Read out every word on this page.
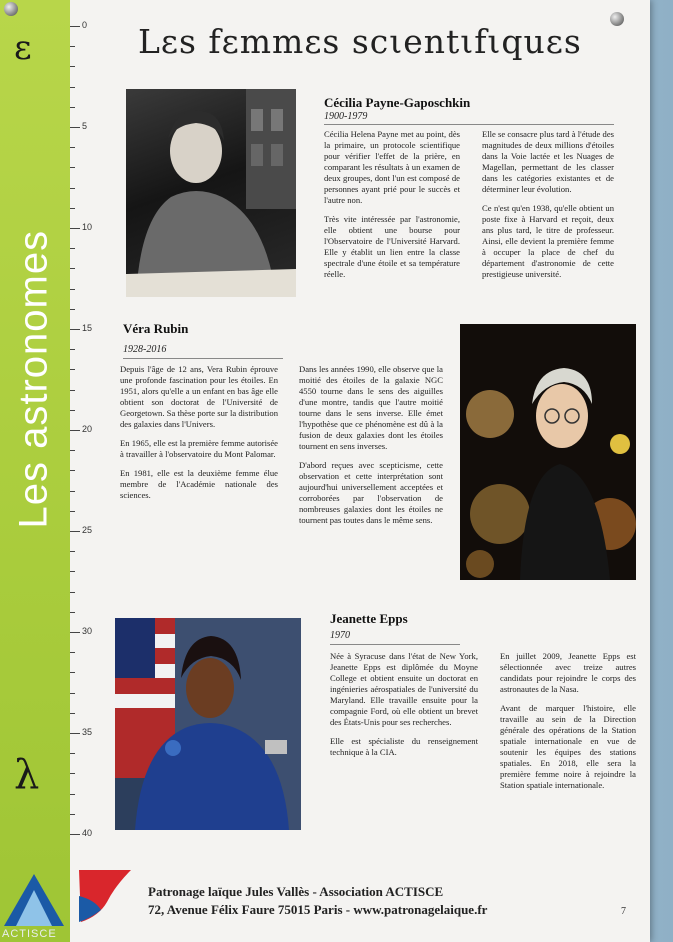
ε
Les astronomes
λ
0
5
10
15
20
25
30
35
40
Lεs fεmmεs scιentιfιquεs
Cécilia Payne-Gaposchkin
1900-1979

Cécilia Helena Payne met au point, dès la primaire, un protocole scientifique pour vérifier l'effet de la prière, en comparant les résultats à un examen de deux groupes, dont l'un est composé de personnes ayant prié pour le succès et l'autre non.

Très vite intéressée par l'astronomie, elle obtient une bourse pour l'Observatoire de l'Université Harvard. Elle y établit un lien entre la classe spectrale d'une étoile et sa température réelle.

Elle se consacre plus tard à l'étude des magnitudes de deux millions d'étoiles dans la Voie lactée et les Nuages de Magellan, permettant de les classer dans les catégories existantes et de déterminer leur évolution.

Ce n'est qu'en 1938, qu'elle obtient un poste fixe à Harvard et reçoit, deux ans plus tard, le titre de professeur. Ainsi, elle devient la première femme à occuper la place de chef du département d'astronomie de cette prestigieuse université.

Véra Rubin
1928-2016

Depuis l'âge de 12 ans, Vera Rubin éprouve une profonde fascination pour les étoiles. En 1951, alors qu'elle a un enfant en bas âge elle obtient son doctorat de l'Université de Georgetown. Sa thèse porte sur la distribution des galaxies dans l'Univers.

En 1965, elle est la première femme autorisée à travailler à l'observatoire du Mont Palomar.

En 1981, elle est la deuxième femme élue membre de l'Académie nationale des sciences.

Dans les années 1990, elle observe que la moitié des étoiles de la galaxie NGC 4550 tourne dans le sens des aiguilles d'une montre, tandis que l'autre moitié tourne dans le sens inverse. Elle émet l'hypothèse que ce phénomène est dû à la fusion de deux galaxies dont les étoiles tournent en sens inverses.

D'abord reçues avec scepticisme, cette observation et cette interprétation sont aujourd'hui universellement acceptées et corroborées par l'observation de nombreuses galaxies dont les étoiles ne tournent pas toutes dans le même sens.

Jeanette Epps
1970

Née à Syracuse dans l'état de New York, Jeanette Epps est diplômée du Moyne College et obtient ensuite un doctorat en ingénieries aérospatiales de l'université du Maryland. Elle travaille ensuite pour la compagnie Ford, où elle obtient un brevet des États-Unis pour ses recherches.

Elle est spécialiste du renseignement technique à la CIA.

En juillet 2009, Jeanette Epps est sélectionnée avec treize autres candidats pour rejoindre le corps des astronautes de la Nasa.

Avant de marquer l'histoire, elle travaille au sein de la Direction générale des opérations de la Station spatiale internationale en vue de soutenir les équipes des stations spatiales. En 2018, elle sera la première femme noire à rejoindre la Station spatiale internationale.

ACTISCE
Patronage laïque Jules Vallès - Association ACTISCE
72, Avenue Félix Faure 75015 Paris - www.patronagelaique.fr	7
